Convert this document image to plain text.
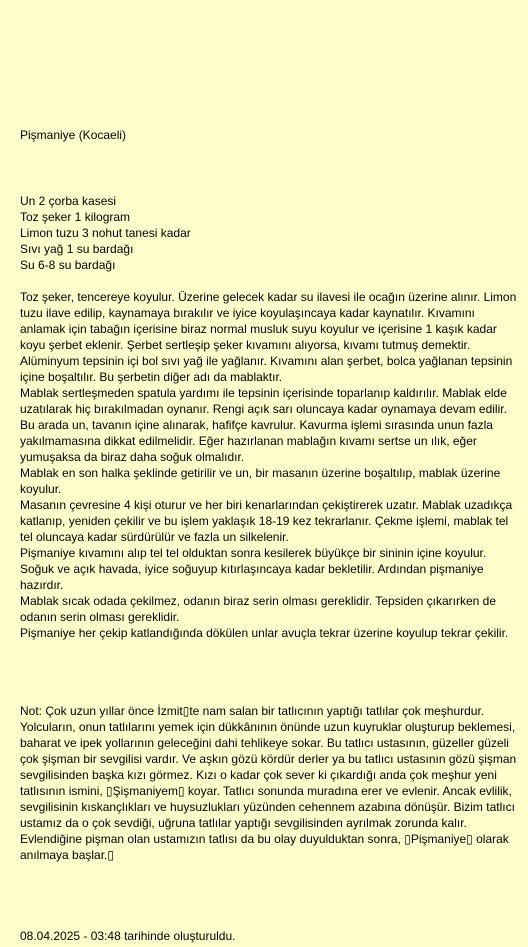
Pişmaniye (Kocaeli)
Un 2 çorba kasesi
Toz şeker 1 kilogram
Limon tuzu 3 nohut tanesi kadar
Sıvı yağ 1 su bardağı
Su 6-8 su bardağı

Toz şeker, tencereye koyulur. Üzerine gelecek kadar su ilavesi ile ocağın üzerine alınır. Limon tuzu ilave edilip, kaynamaya bırakılır ve iyice koyulaşıncaya kadar kaynatılır. Kıvamını anlamak için tabağın içerisine biraz normal musluk suyu koyulur ve içerisine 1 kaşık kadar koyu şerbet eklenir. Şerbet sertleşip şeker kıvamını alıyorsa, kıvamı tutmuş demektir. Alüminyum tepsinin içi bol sıvı yağ ile yağlanır. Kıvamını alan şerbet, bolca yağlanan tepsinin içine boşaltılır. Bu şerbetin diğer adı da mablaktır.

Mablak sertleşmeden spatula yardımı ile tepsinin içerisinde toparlanıp kaldırılır. Mablak elde uzatılarak hiç bırakılmadan oynanır. Rengi açık sarı oluncaya kadar oynamaya devam edilir.

Bu arada un, tavanın içine alınarak, hafifçe kavrulur. Kavurma işlemi sırasında unun fazla yakılmamasına dikkat edilmelidir. Eğer hazırlanan mablağın kıvamı sertse un ılık, eğer yumuşaksa da biraz daha soğuk olmalıdır.

Mablak en son halka şeklinde getirilir ve un, bir masanın üzerine boşaltılıp, mablak üzerine koyulur.

Masanın çevresine 4 kişi oturur ve her biri kenarlarından çekiştirerek uzatır. Mablak uzadıkça katlanıp, yeniden çekilir ve bu işlem yaklaşık 18-19 kez tekrarlanır. Çekme işlemi, mablak tel tel oluncaya kadar sürdürülür ve fazla un silkelenir.

Pişmaniye kıvamını alıp tel tel olduktan sonra kesilerek büyükçe bir sininin içine koyulur. Soğuk ve açık havada, iyice soğuyup kıtırlaşıncaya kadar bekletilir. Ardından pişmaniye hazırdır.

Mablak sıcak odada çekilmez, odanın biraz serin olması gereklidir. Tepsiden çıkarırken de odanın serin olması gereklidir.

Pişmaniye her çekip katlandığında dökülen unlar avuçla tekrar üzerine koyulup tekrar çekilir.

Not: Çok uzun yıllar önce İzmit▯te nam salan bir tatlıcının yaptığı tatlılar çok meşhurdur. Yolcuların, onun tatlılarını yemek için dükkânının önünde uzun kuyruklar oluşturup beklemesi, baharat ve ipek yollarının geleceğini dahi tehlikeye sokar. Bu tatlıcı ustasının, güzeller güzeli çok şişman bir sevgilisi vardır. Ve aşkın gözü kördür derler ya bu tatlıcı ustasının gözü şişman sevgilisinden başka kızı görmez. Kızı o kadar çok sever ki çıkardığı anda çok meşhur yeni tatlısının ismini, ▯Şişmaniyem▯ koyar. Tatlıcı sonunda muradına erer ve evlenir. Ancak evlilik, sevgilisinin kıskançlıkları ve huysuzlukları yüzünden cehennem azabına dönüşür. Bizim tatlıcı ustamız da o çok sevdiği, uğruna tatlılar yaptığı sevgilisinden ayrılmak zorunda kalır. Evlendiğine pişman olan ustamızın tatlısı da bu olay duyulduktan sonra, ▯Pişmaniye▯ olarak anılmaya başlar.▯
08.04.2025 - 03:48 tarihinde oluşturuldu.
